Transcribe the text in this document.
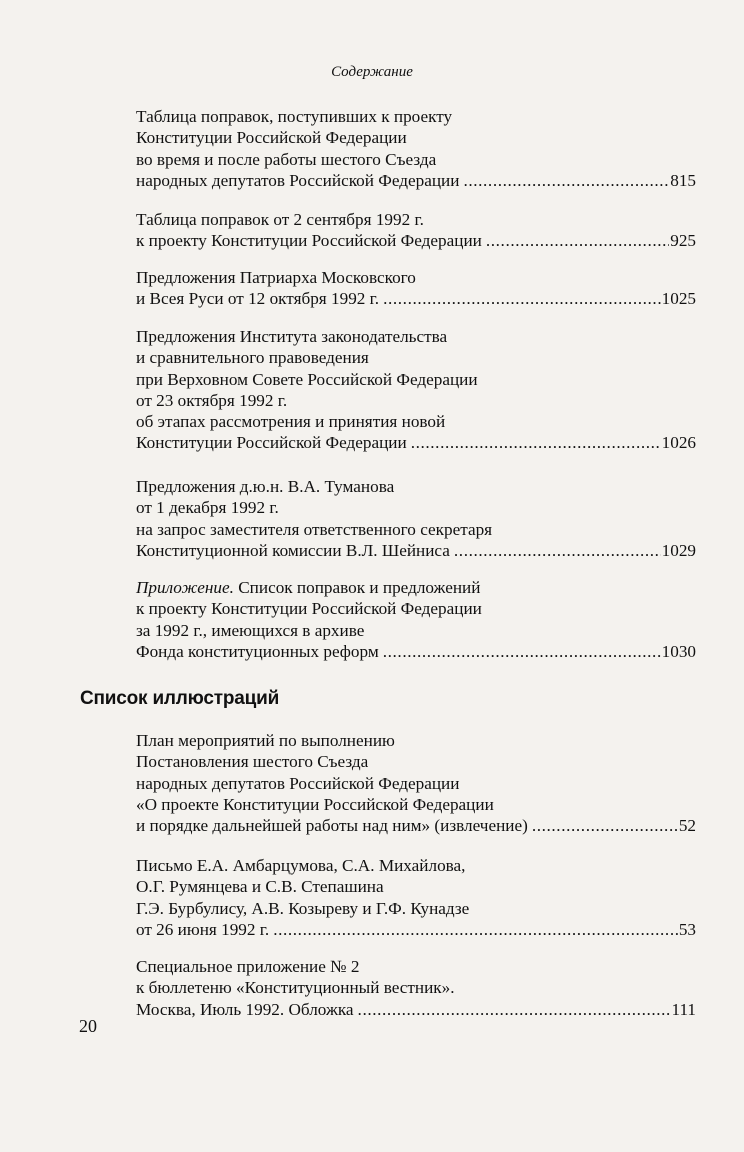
Содержание
Таблица поправок, поступивших к проекту
Конституции Российской Федерации
во время и после работы шестого Съезда
народных депутатов Российской Федерации .....	815
Таблица поправок от 2 сентября 1992 г.
к проекту Конституции Российской Федерации .....	925
Предложения Патриарха Московского
и Всея Руси от 12 октября 1992 г. .....	1025
Предложения Института законодательства
и сравнительного правоведения
при Верховном Совете Российской Федерации
от 23 октября 1992 г.
об этапах рассмотрения и принятия новой
Конституции Российской Федерации .....	1026
Предложения д.ю.н. В.А. Туманова
от 1 декабря 1992 г.
на запрос заместителя ответственного секретаря
Конституционной комиссии В.Л. Шейниса .....	1029
Приложение. Список поправок и предложений
к проекту Конституции Российской Федерации
за 1992 г., имеющихся в архиве
Фонда конституционных реформ .....	1030
Список иллюстраций
План мероприятий по выполнению
Постановления шестого Съезда
народных депутатов Российской Федерации
«О проекте Конституции Российской Федерации
и порядке дальнейшей работы над ним» (извлечение) .....	52
Письмо Е.А. Амбарцумова, С.А. Михайлова,
О.Г. Румянцева и С.В. Степашина
Г.Э. Бурбулису, А.В. Козыреву и Г.Ф. Кунадзе
от 26 июня 1992 г. .....	53
Специальное приложение № 2
к бюллетеню «Конституционный вестник».
Москва, Июль 1992. Обложка .....	111
20
